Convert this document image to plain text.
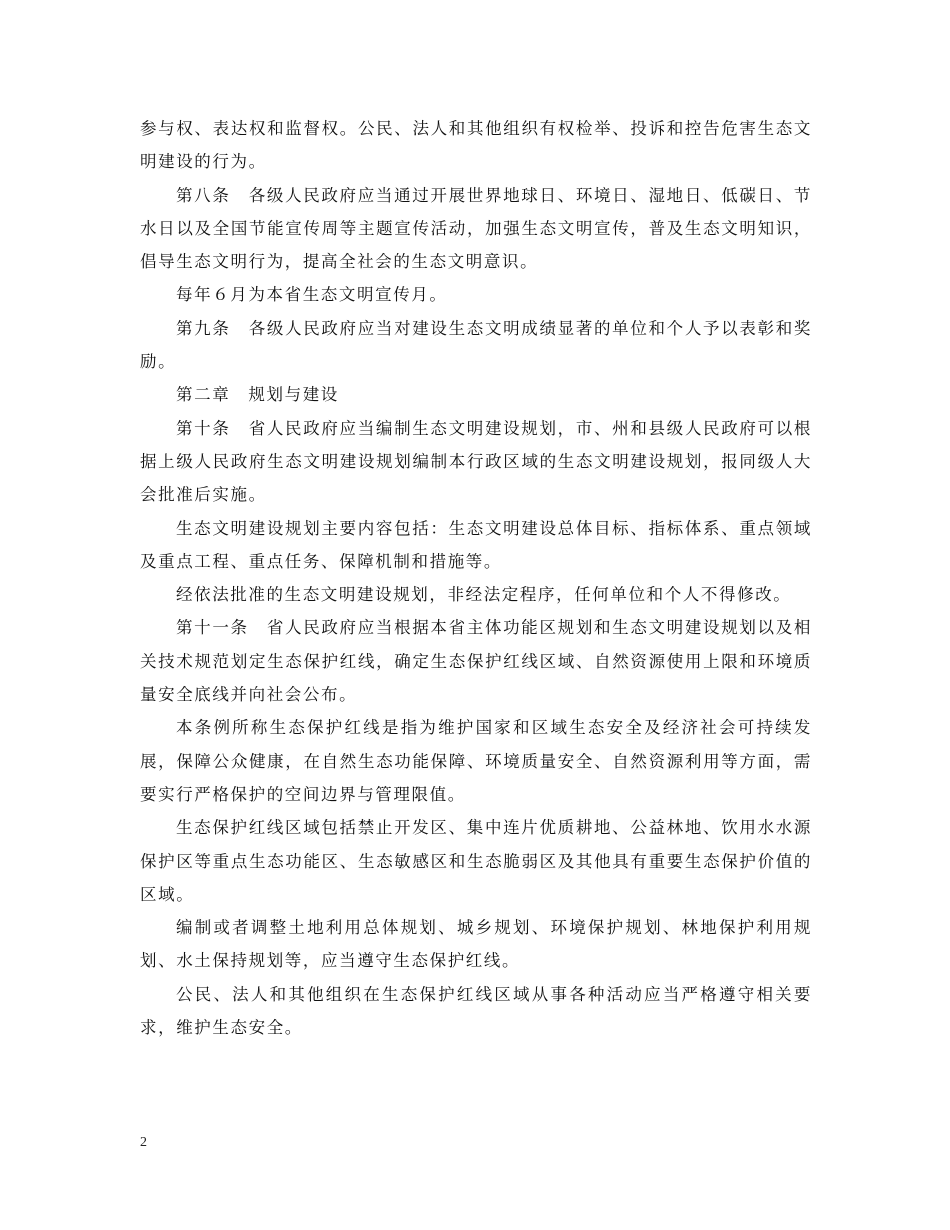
参与权、表达权和监督权。公民、法人和其他组织有权检举、投诉和控告危害生态文明建设的行为。

第八条　各级人民政府应当通过开展世界地球日、环境日、湿地日、低碳日、节水日以及全国节能宣传周等主题宣传活动，加强生态文明宣传，普及生态文明知识，倡导生态文明行为，提高全社会的生态文明意识。

每年６月为本省生态文明宣传月。

第九条　各级人民政府应当对建设生态文明成绩显著的单位和个人予以表彰和奖励。

第二章　规划与建设

第十条　省人民政府应当编制生态文明建设规划，市、州和县级人民政府可以根据上级人民政府生态文明建设规划编制本行政区域的生态文明建设规划，报同级人大会批准后实施。

生态文明建设规划主要内容包括：生态文明建设总体目标、指标体系、重点领域及重点工程、重点任务、保障机制和措施等。

经依法批准的生态文明建设规划，非经法定程序，任何单位和个人不得修改。

第十一条　省人民政府应当根据本省主体功能区规划和生态文明建设规划以及相关技术规范划定生态保护红线，确定生态保护红线区域、自然资源使用上限和环境质量安全底线并向社会公布。

本条例所称生态保护红线是指为维护国家和区域生态安全及经济社会可持续发展，保障公众健康，在自然生态功能保障、环境质量安全、自然资源利用等方面，需要实行严格保护的空间边界与管理限值。

生态保护红线区域包括禁止开发区、集中连片优质耕地、公益林地、饮用水水源保护区等重点生态功能区、生态敏感区和生态脆弱区及其他具有重要生态保护价值的区域。

编制或者调整土地利用总体规划、城乡规划、环境保护规划、林地保护利用规划、水土保持规划等，应当遵守生态保护红线。

公民、法人和其他组织在生态保护红线区域从事各种活动应当严格遵守相关要求，维护生态安全。

2
